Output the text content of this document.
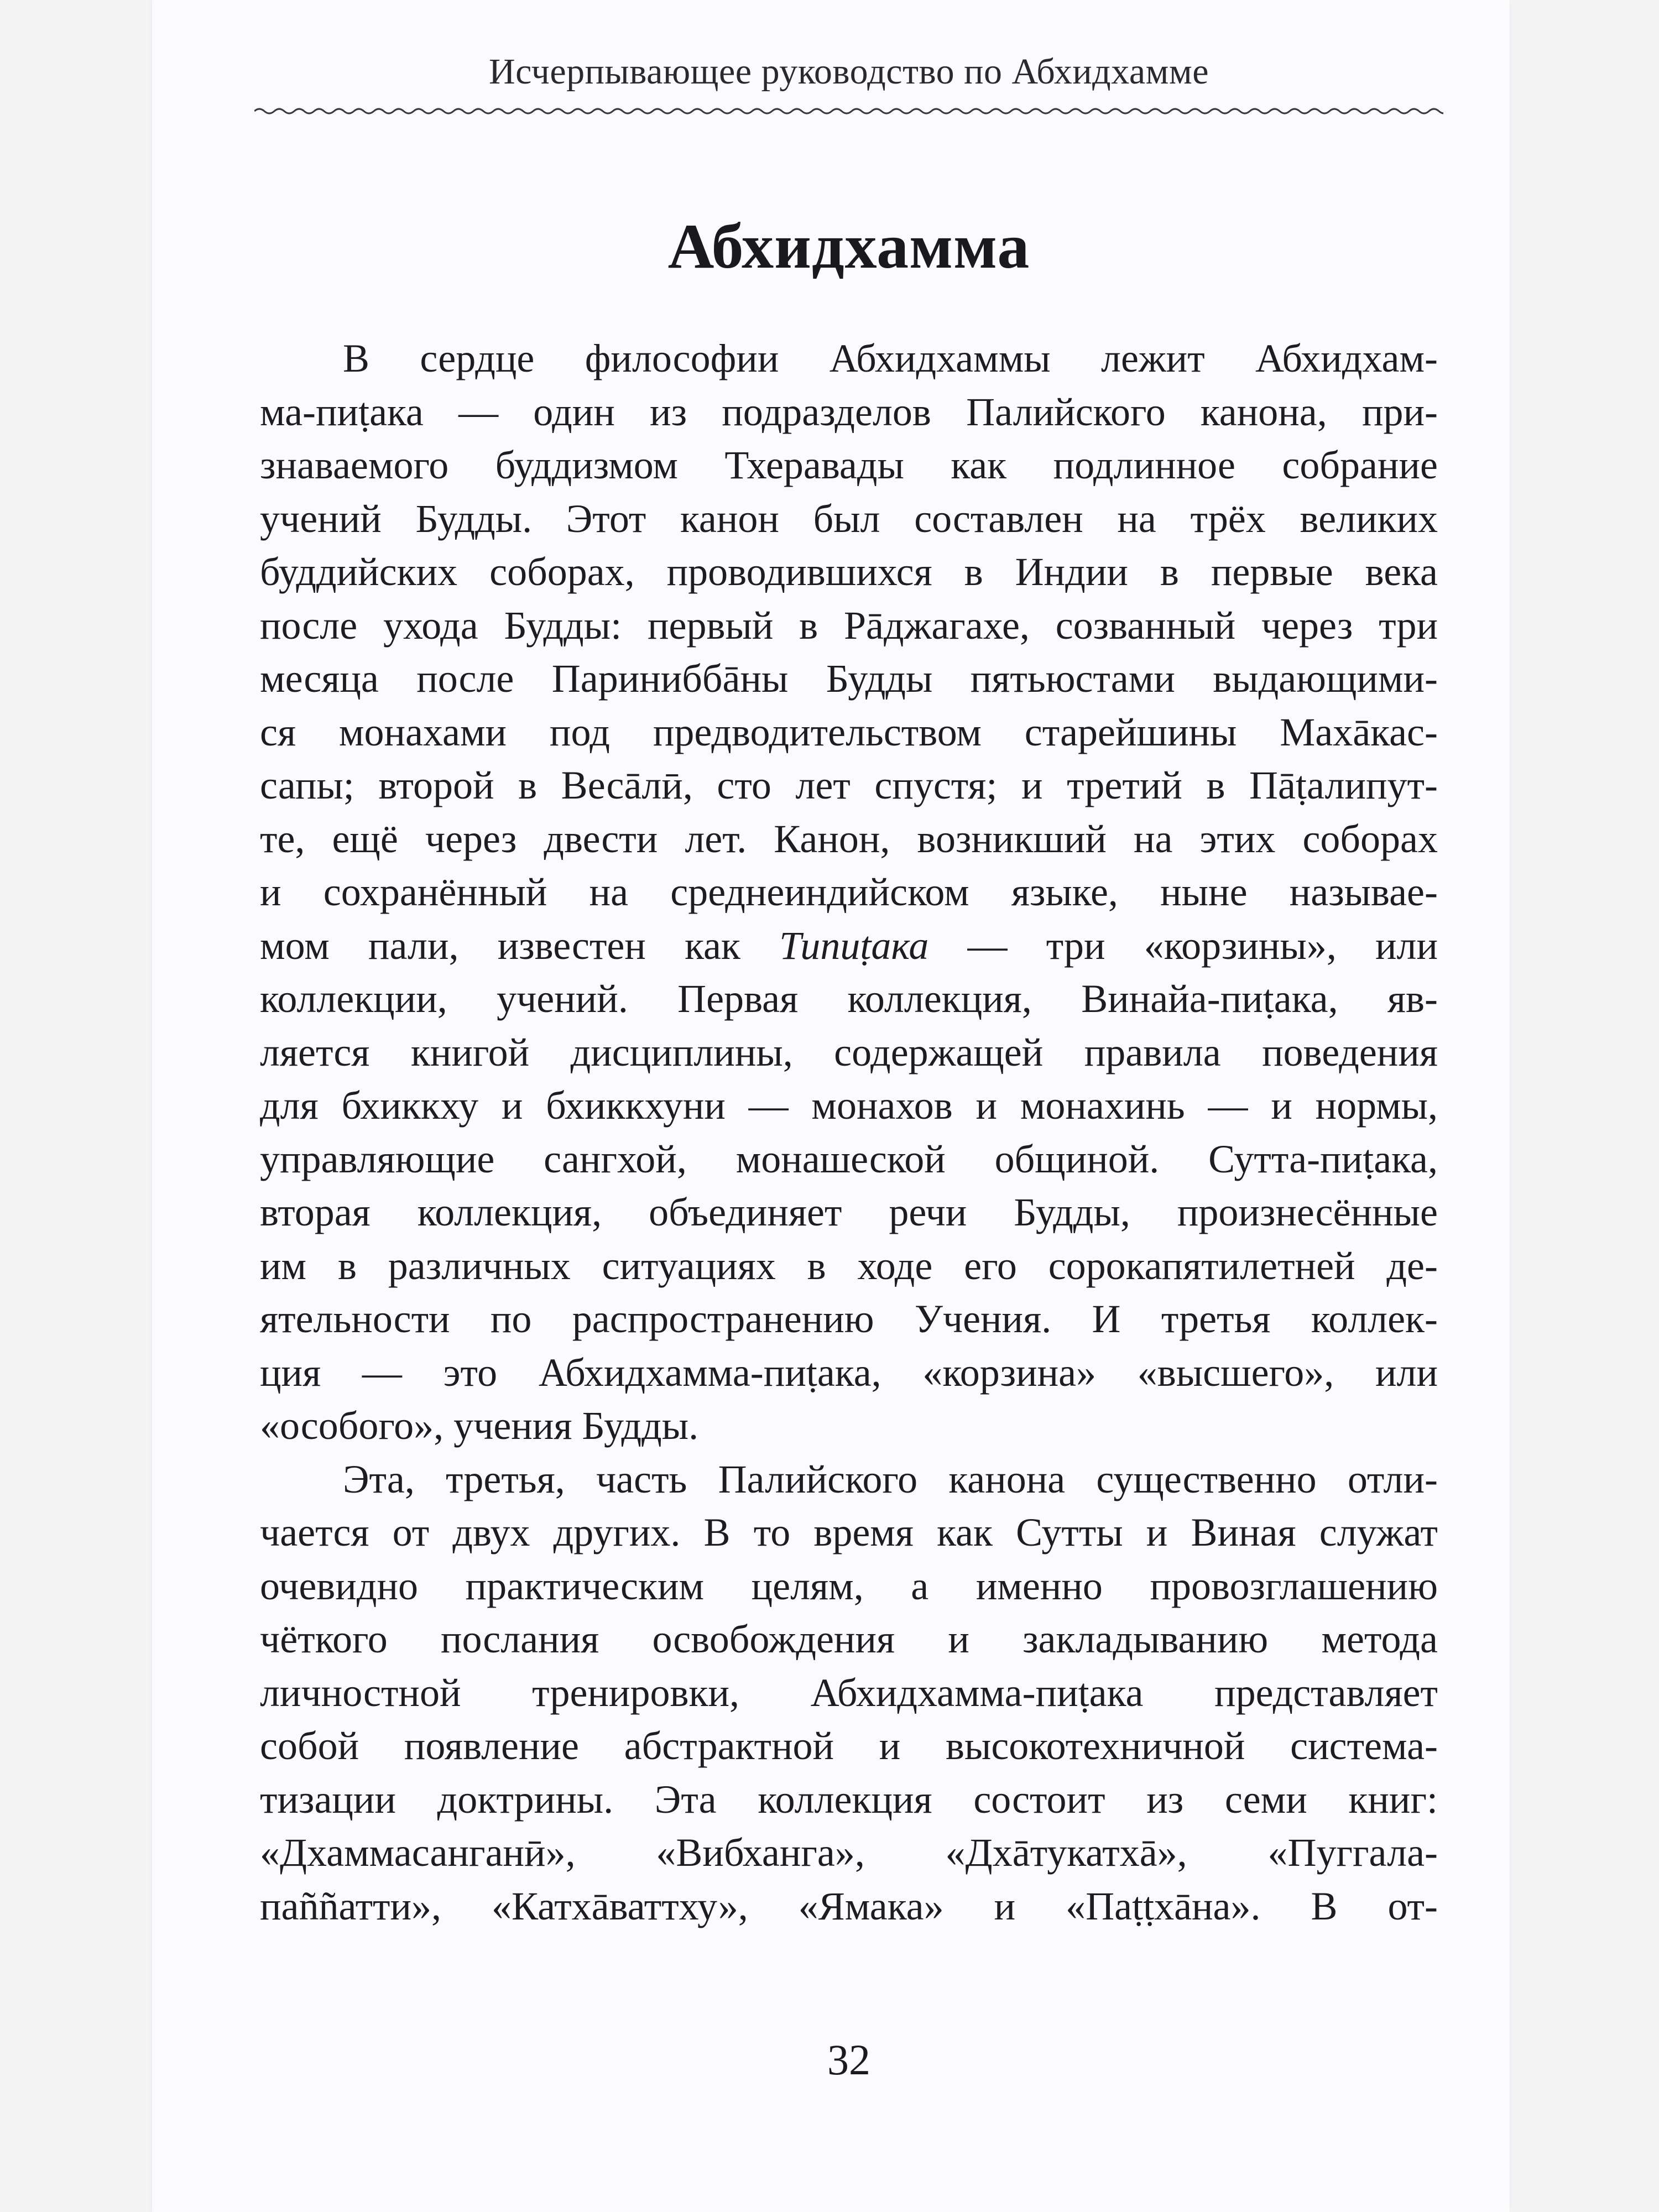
Исчерпывающее руководство по Абхидхамме
Абхидхамма
В сердце философии Абхидхаммы лежит Абхидхам-
ма-пиṭака — один из подразделов Палийского канона, при-
знаваемого буддизмом Тхеравады как подлинное собрание
учений Будды. Этот канон был составлен на трёх великих
буддийских соборах, проводившихся в Индии в первые века
после ухода Будды: первый в Рāджагахе, созванный через три
месяца после Париниббāны Будды пятьюстами выдающими-
ся монахами под предводительством старейшины Махāкас-
сапы; второй в Весāлӣ, сто лет спустя; и третий в Пāṭалипут-
те, ещё через двести лет. Канон, возникший на этих соборах
и сохранённый на среднеиндийском языке, ныне называе-
мом пали, известен как Типиṭака — три «корзины», или
коллекции, учений. Первая коллекция, Винайа-пиṭака, яв-
ляется книгой дисциплины, содержащей правила поведения
для бхиккху и бхиккхуни — монахов и монахинь — и нормы,
управляющие сангхой, монашеской общиной. Сутта-пиṭака,
вторая коллекция, объединяет речи Будды, произнесённые
им в различных ситуациях в ходе его сорокапятилетней де-
ятельности по распространению Учения. И третья коллек-
ция — это Абхидхамма-пиṭака, «корзина» «высшего», или
«особого», учения Будды.
Эта, третья, часть Палийского канона существенно отли-
чается от двух других. В то время как Сутты и Виная служат
очевидно практическим целям, а именно провозглашению
чёткого послания освобождения и закладыванию метода
личностной тренировки, Абхидхамма-пиṭака представляет
собой появление абстрактной и высокотехничной система-
тизации доктрины. Эта коллекция состоит из семи книг:
«Дхаммасанганӣ», «Вибханга», «Дхāтукатхā», «Пуггала-
паññатти», «Катхāваттху», «Ямака» и «Паṭṭхāна». В от-
32
